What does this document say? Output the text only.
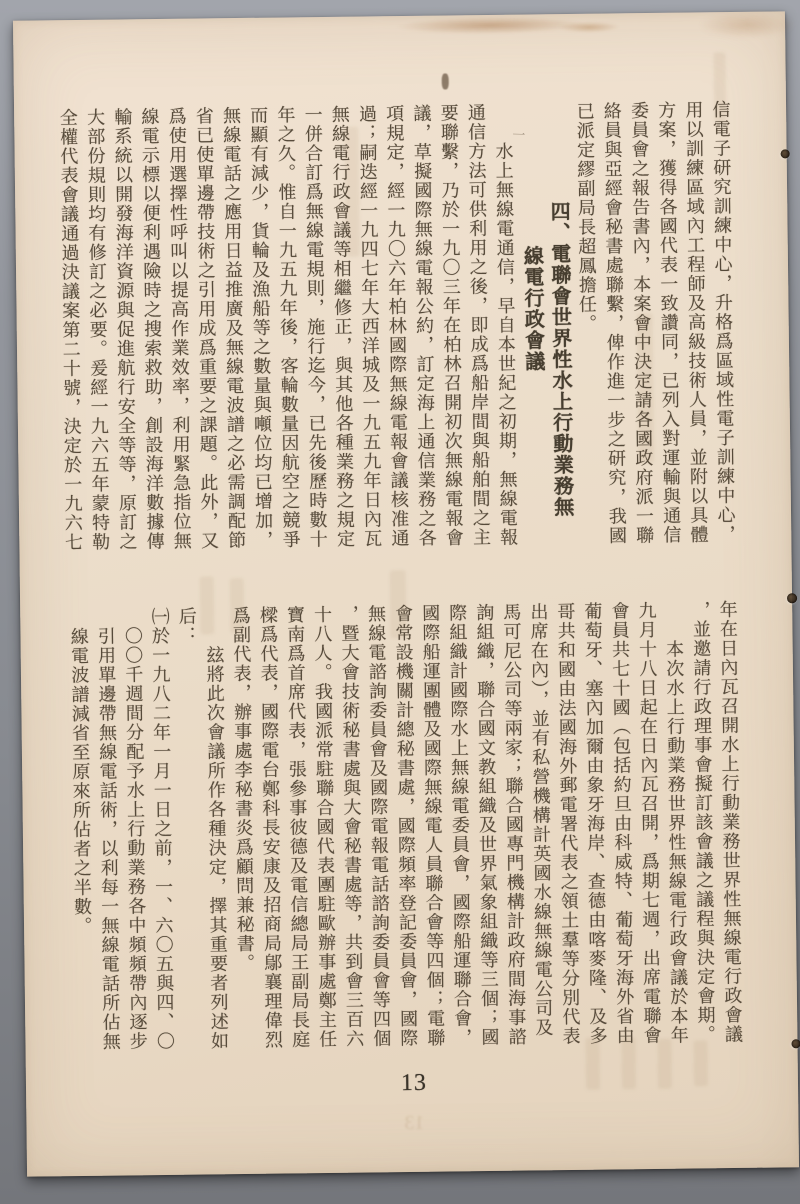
信電子研究訓練中心，升格爲區域性電子訓練中心，
用以訓練區域內工程師及高級技術人員，並附以具體
方案，獲得各國代表一致讚同，已列入對運輸與通信
委員會之報告書內，本案會中決定請各國政府派一聯
絡員與亞經會秘書處聯繫，俾作進一步之研究，我國
已派定繆副局長超鳳擔任。
四、電聯會世界性水上行動業務無
線電行政會議
水上無線電通信，早自本世紀之初期，無線電報
通信方法可供利用之後，即成爲船岸間與船舶間之主
要聯繫，乃於一九〇三年在柏林召開初次無線電報會
議，草擬國際無線電報公約，訂定海上通信業務之各
項規定，經一九〇六年柏林國際無線電報會議核准通
過；嗣迭經一九四七年大西洋城及一九五九年日內瓦
無線電行政會議等相繼修正，與其他各種業務之規定
一併合訂爲無線電規則，施行迄今，已先後歷時數十
年之久。惟自一九五九年後，客輪數量因航空之競爭
而顯有減少，貨輪及漁船等之數量與噸位均已增加，
無線電話之應用日益推廣及無線電波譜之必需調配節
省已使單邊帶技術之引用成爲重要之課題。此外，又
爲使用選擇性呼叫以提高作業效率，利用緊急指位無
線電示標以便利遇險時之搜索救助，創設海洋數據傳
輸系統以開發海洋資源與促進航行安全等等，原訂之
大部份規則均有修訂之必要。爰經一九六五年蒙特勒
全權代表會議通過決議案第二十號，決定於一九六七
年在日內瓦召開水上行動業務世界性無線電行政會議
，並邀請行政理事會擬訂該會議之議程與決定會期。
本次水上行動業務世界性無線電行政會議於本年
九月十八日起在日內瓦召開，爲期七週，出席電聯會
會員共七十國（包括約旦由科威特、葡萄牙海外省由
葡萄牙、塞內加爾由象牙海岸、查德由喀麥隆、及多
哥共和國由法國海外郵電署代表之領土羣等分別代表
出席在內），並有私營機構計英國水線無線電公司及
馬可尼公司等兩家；聯合國專門機構計政府間海事諮
詢組織，聯合國文教組織及世界氣象組織等三個；國
際組織計國際水上無線電委員會，國際船運聯合會，
國際船運團體及國際無線電人員聯合會等四個；電聯
會常設機關計總秘書處，國際頻率登記委員會，國際
無線電諮詢委員會及國際電報電話諮詢委員會等四個
，暨大會技術秘書處與大會秘書處等，共到會三百六
十八人。我國派常駐聯合國代表團駐歐辦事處鄭主任
寶南爲首席代表，張參事彼德及電信總局王副局長庭
樑爲代表，國際電台鄭科長安康及招商局鄔襄理偉烈
爲副代表，辦事處李秘書炎爲顧問兼秘書。
玆將此次會議所作各種決定，擇其重要者列述如
后：
㈠於一九八二年一月一日之前，一、六〇五與四、〇
〇〇千週間分配予水上行動業務各中頻頻帶內逐步
引用單邊帶無線電話術，以利每一無線電話所佔無
線電波譜減省至原來所佔者之半數。
一
13
13
